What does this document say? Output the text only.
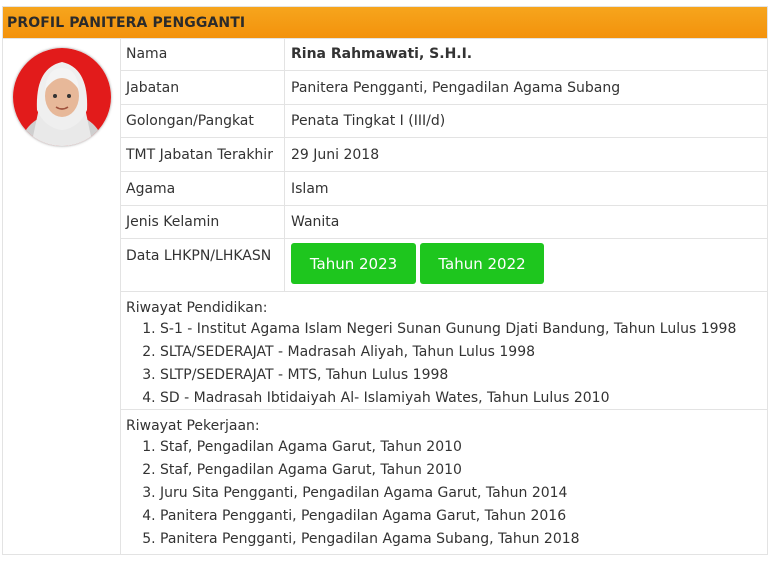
PROFIL PANITERA PENGGANTI
Nama	Rina Rahmawati, S.H.I.
Jabatan	Panitera Pengganti, Pengadilan Agama Subang
Golongan/Pangkat	Penata Tingkat I (III/d)
TMT Jabatan Terakhir	29 Juni 2018
Agama	Islam
Jenis Kelamin	Wanita
Data LHKPN/LHKASN	Tahun 2023	Tahun 2022
Riwayat Pendidikan:
1. S-1 - Institut Agama Islam Negeri Sunan Gunung Djati Bandung, Tahun Lulus 1998
2. SLTA/SEDERAJAT - Madrasah Aliyah, Tahun Lulus 1998
3. SLTP/SEDERAJAT - MTS, Tahun Lulus 1998
4. SD - Madrasah Ibtidaiyah Al- Islamiyah Wates, Tahun Lulus 2010
Riwayat Pekerjaan:
1. Staf, Pengadilan Agama Garut, Tahun 2010
2. Staf, Pengadilan Agama Garut, Tahun 2010
3. Juru Sita Pengganti, Pengadilan Agama Garut, Tahun 2014
4. Panitera Pengganti, Pengadilan Agama Garut, Tahun 2016
5. Panitera Pengganti, Pengadilan Agama Subang, Tahun 2018
